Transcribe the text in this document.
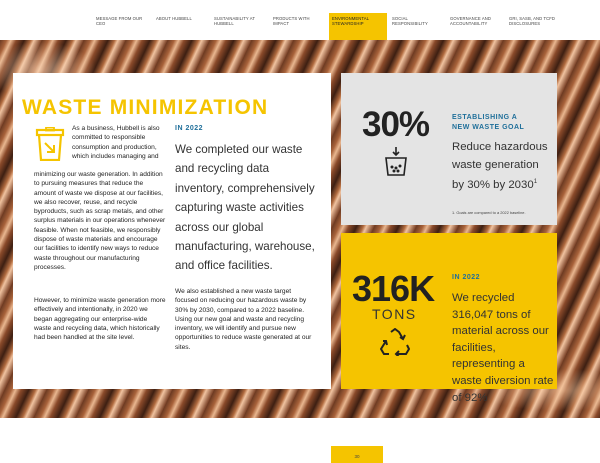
MESSAGE FROM OUR CEO
ABOUT HUBBELL	SUSTAINABILITY AT HUBBELL
PRODUCTS WITH IMPACT
ENVIRONMENTAL STEWARDSHIP
SOCIAL RESPONSIBILITY
GOVERNANCE AND ACCOUNTABILITY
GRI, SASB, AND TCFD DISCLOSURES
WASTE MINIMIZATION
As a business, Hubbell is also committed to responsible consumption and production, which includes managing and
minimizing our waste generation. In addition to pursuing measures that reduce the amount of waste we dispose at our facilities, we also recover, reuse, and recycle byproducts, such as scrap metals, and other surplus materials in our operations whenever feasible. When not feasible, we responsibly dispose of waste materials and encourage our facilities to identify new ways to reduce waste throughout our manufacturing processes.
However, to minimize waste generation more effectively and intentionally, in 2020 we began aggregating our enterprise-wide waste and recycling data, which historically had been handled at the site level.
IN 2022
We completed our waste and recycling data inventory, comprehensively capturing waste activities across our global manufacturing, warehouse, and office facilities.
We also established a new waste target focused on reducing our hazardous waste by 30% by 2030, compared to a 2022 baseline. Using our new goal and waste and recycling inventory, we will identify and pursue new opportunities to reduce waste generated at our sites.
30%	ESTABLISHING A
NEW WASTE GOAL
Reduce hazardous waste generation by 30% by 2030$^1$
1. Goals are compared to a 2022 baseline.
316K
TONS
IN 2022
We recycled 316,047 tons of material across our facilities, representing a waste diversion rate of 92%
30
